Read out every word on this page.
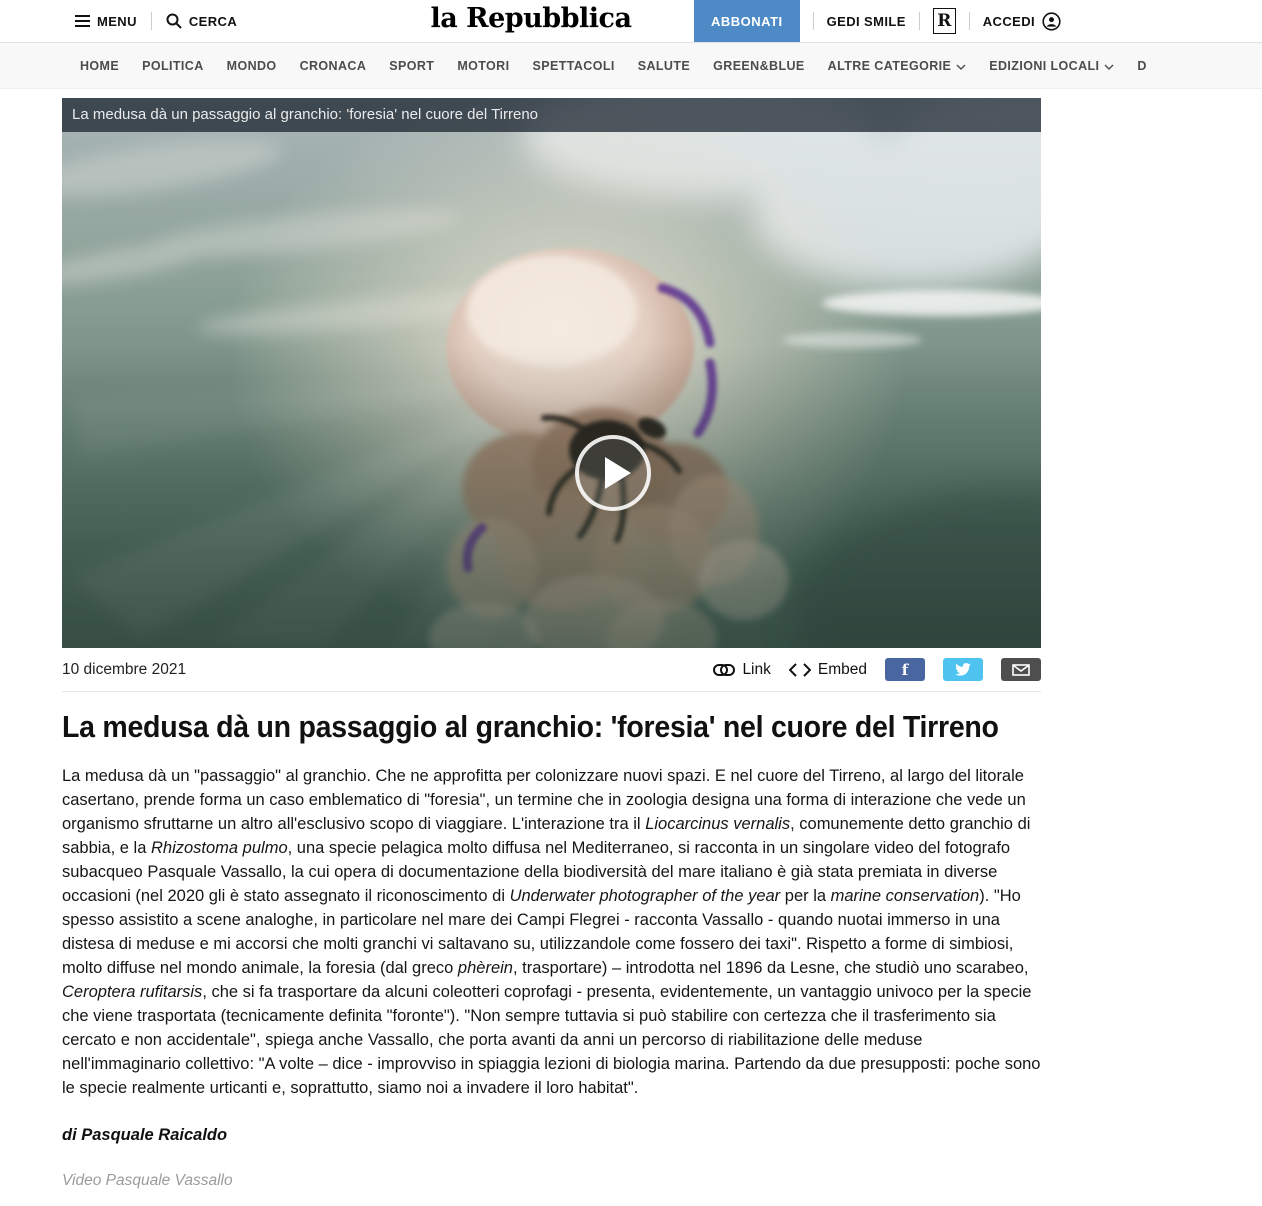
MENU	CERCA	la Repubblica	ABBONATI	GEDI SMILE R	ACCEDI
HOME POLITICA MONDO CRONACA SPORT MOTORI SPETTACOLI SALUTE GREEN&BLUE ALTRE CATEGORIE	EDIZIONI LOCALI	D
La medusa dà un passaggio al granchio: 'foresia' nel cuore del Tirreno
10 dicembre 2021	Link	Embed f
La medusa dà un passaggio al granchio: 'foresia' nel cuore del Tirreno

La medusa dà un "passaggio" al granchio. Che ne approfitta per colonizzare nuovi spazi. E nel cuore del Tirreno, al largo del litorale casertano, prende forma un caso emblematico di "foresia", un termine che in zoologia designa una forma di interazione che vede un organismo sfruttarne un altro all'esclusivo scopo di viaggiare. L'interazione tra il Liocarcinus vernalis, comunemente detto granchio di sabbia, e la Rhizostoma pulmo, una specie pelagica molto diffusa nel Mediterraneo, si racconta in un singolare video del fotografo subacqueo Pasquale Vassallo, la cui opera di documentazione della biodiversità del mare italiano è già stata premiata in diverse occasioni (nel 2020 gli è stato assegnato il riconoscimento di Underwater photographer of the year per la marine conservation). "Ho spesso assistito a scene analoghe, in particolare nel mare dei Campi Flegrei - racconta Vassallo - quando nuotai immerso in una distesa di meduse e mi accorsi che molti granchi vi saltavano su, utilizzandole come fossero dei taxi". Rispetto a forme di simbiosi, molto diffuse nel mondo animale, la foresia (dal greco phèrein, trasportare) – introdotta nel 1896 da Lesne, che studiò uno scarabeo, Ceroptera rufitarsis, che si fa trasportare da alcuni coleotteri coprofagi - presenta, evidentemente, un vantaggio univoco per la specie che viene trasportata (tecnicamente definita "foronte"). "Non sempre tuttavia si può stabilire con certezza che il trasferimento sia cercato e non accidentale", spiega anche Vassallo, che porta avanti da anni un percorso di riabilitazione delle meduse nell'immaginario collettivo: "A volte – dice - improvviso in spiaggia lezioni di biologia marina. Partendo da due presupposti: poche sono le specie realmente urticanti e, soprattutto, siamo noi a invadere il loro habitat".

di Pasquale Raicaldo
Video Pasquale Vassallo
